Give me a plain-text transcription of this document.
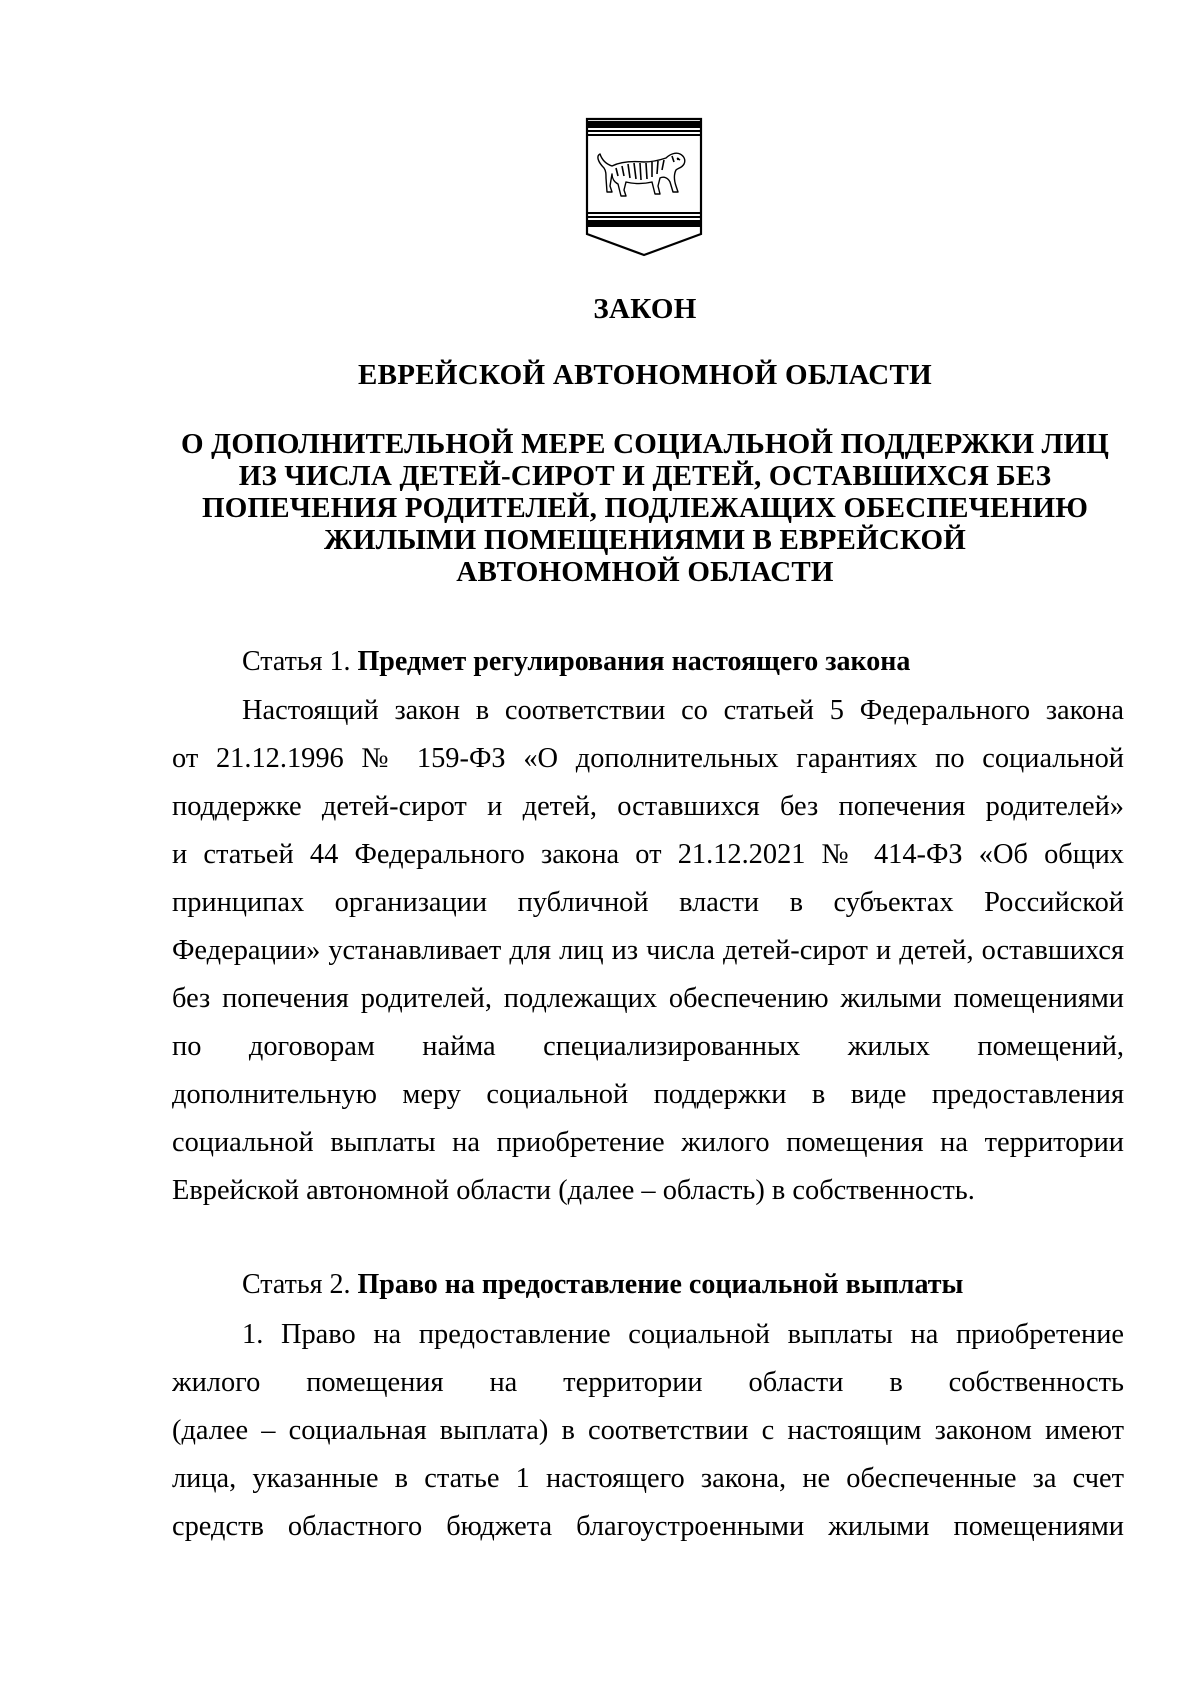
ЗАКОН
ЕВРЕЙСКОЙ АВТОНОМНОЙ ОБЛАСТИ
О ДОПОЛНИТЕЛЬНОЙ МЕРЕ СОЦИАЛЬНОЙ ПОДДЕРЖКИ ЛИЦ
ИЗ ЧИСЛА ДЕТЕЙ-СИРОТ И ДЕТЕЙ, ОСТАВШИХСЯ БЕЗ
ПОПЕЧЕНИЯ РОДИТЕЛЕЙ, ПОДЛЕЖАЩИХ ОБЕСПЕЧЕНИЮ
ЖИЛЫМИ ПОМЕЩЕНИЯМИ В ЕВРЕЙСКОЙ
АВТОНОМНОЙ ОБЛАСТИ
Статья 1. Предмет регулирования настоящего закона
Настоящий закон в соответствии со статьей 5 Федерального закона
от 21.12.1996 № 159-ФЗ «О дополнительных гарантиях по социальной
поддержке детей-сирот и детей, оставшихся без попечения родителей»
и статьей 44 Федерального закона от 21.12.2021 № 414-ФЗ «Об общих
принципах организации публичной власти в субъектах Российской
Федерации» устанавливает для лиц из числа детей-сирот и детей, оставшихся
без попечения родителей, подлежащих обеспечению жилыми помещениями
по договорам найма специализированных жилых помещений,
дополнительную меру социальной поддержки в виде предоставления
социальной выплаты на приобретение жилого помещения на территории
Еврейской автономной области (далее – область) в собственность.
Статья 2. Право на предоставление социальной выплаты
1. Право на предоставление социальной выплаты на приобретение
жилого помещения на территории области в собственность
(далее – социальная выплата) в соответствии с настоящим законом имеют
лица, указанные в статье 1 настоящего закона, не обеспеченные за счет
средств областного бюджета благоустроенными жилыми помещениями
